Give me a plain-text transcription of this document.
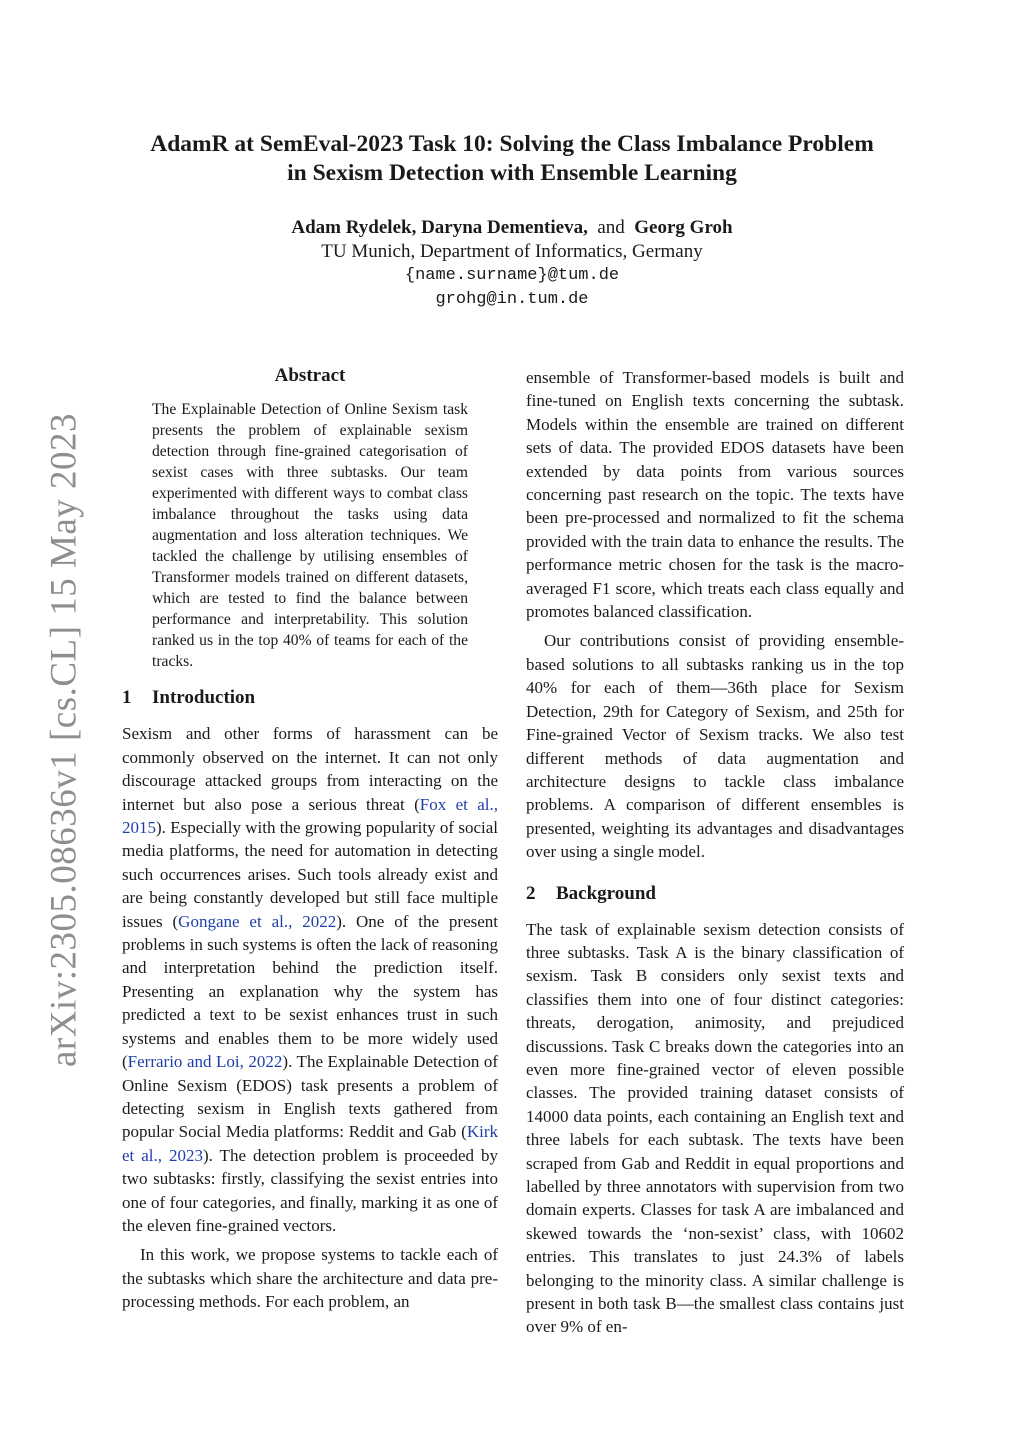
arXiv:2305.08636v1 [cs.CL] 15 May 2023
AdamR at SemEval-2023 Task 10: Solving the Class Imbalance Problem
in Sexism Detection with Ensemble Learning
Adam Rydelek, Daryna Dementieva, and Georg Groh
TU Munich, Department of Informatics, Germany
{name.surname}@tum.de
grohg@in.tum.de
Abstract

The Explainable Detection of Online Sexism task presents the problem of explainable sexism detection through fine-grained categorisation of sexist cases with three subtasks. Our team experimented with different ways to combat class imbalance throughout the tasks using data augmentation and loss alteration techniques. We tackled the challenge by utilising ensembles of Transformer models trained on different datasets, which are tested to find the balance between performance and interpretability. This solution ranked us in the top 40% of teams for each of the tracks.

1 Introduction

Sexism and other forms of harassment can be commonly observed on the internet. It can not only discourage attacked groups from interacting on the internet but also pose a serious threat (Fox et al., 2015). Especially with the growing popularity of social media platforms, the need for automation in detecting such occurrences arises. Such tools already exist and are being constantly developed but still face multiple issues (Gongane et al., 2022). One of the present problems in such systems is often the lack of reasoning and interpretation behind the prediction itself. Presenting an explanation why the system has predicted a text to be sexist enhances trust in such systems and enables them to be more widely used (Ferrario and Loi, 2022). The Explainable Detection of Online Sexism (EDOS) task presents a problem of detecting sexism in English texts gathered from popular Social Media platforms: Reddit and Gab (Kirk et al., 2023). The detection problem is proceeded by two subtasks: firstly, classifying the sexist entries into one of four categories, and finally, marking it as one of the eleven fine-grained vectors.

In this work, we propose systems to tackle each of the subtasks which share the architecture and data pre-processing methods. For each problem, an

ensemble of Transformer-based models is built and fine-tuned on English texts concerning the subtask. Models within the ensemble are trained on different sets of data. The provided EDOS datasets have been extended by data points from various sources concerning past research on the topic. The texts have been pre-processed and normalized to fit the schema provided with the train data to enhance the results. The performance metric chosen for the task is the macro-averaged F1 score, which treats each class equally and promotes balanced classification.

Our contributions consist of providing ensemble-based solutions to all subtasks ranking us in the top 40% for each of them—36th place for Sexism Detection, 29th for Category of Sexism, and 25th for Fine-grained Vector of Sexism tracks. We also test different methods of data augmentation and architecture designs to tackle class imbalance problems. A comparison of different ensembles is presented, weighting its advantages and disadvantages over using a single model.

2 Background

The task of explainable sexism detection consists of three subtasks. Task A is the binary classification of sexism. Task B considers only sexist texts and classifies them into one of four distinct categories: threats, derogation, animosity, and prejudiced discussions. Task C breaks down the categories into an even more fine-grained vector of eleven possible classes. The provided training dataset consists of 14000 data points, each containing an English text and three labels for each subtask. The texts have been scraped from Gab and Reddit in equal proportions and labelled by three annotators with supervision from two domain experts. Classes for task A are imbalanced and skewed towards the ‘non-sexist’ class, with 10602 entries. This translates to just 24.3% of labels belonging to the minority class. A similar challenge is present in both task B—the smallest class contains just over 9% of en-
